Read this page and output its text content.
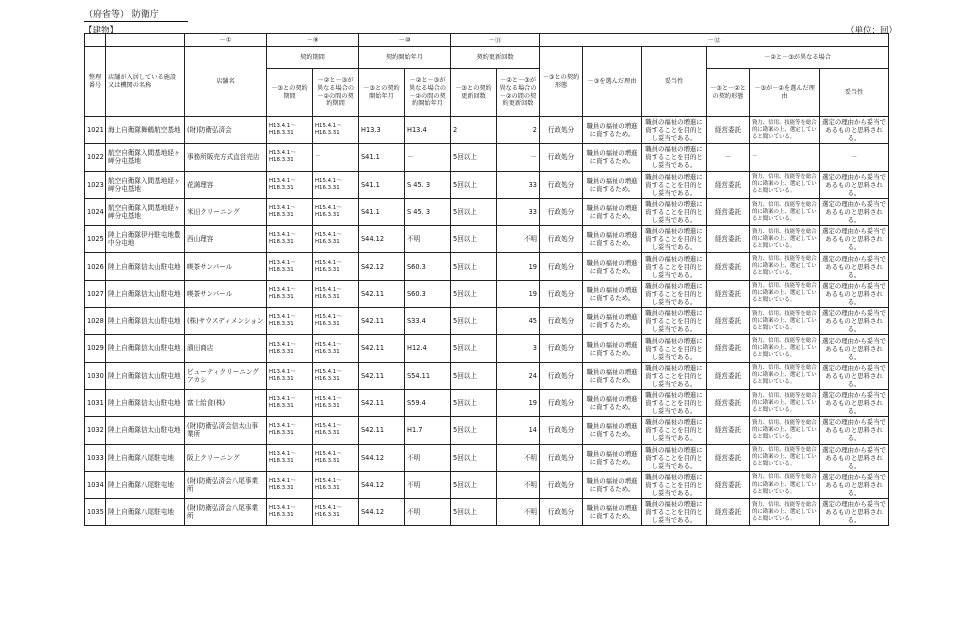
（府省等） 防衛庁
【建物】	（単位：回）
		－①	－⑨		－⑩		－⑪		－⑫					
整理番号	店舗が入居している施設又は機関の名称	店舗名	契約期間		契約開始年月		契約更新回数		－③との契約形態	－③を選んだ理由	妥当性	－②と－③が異なる場合		
			－③との契約期間	－②と－③が異なる場合の－②の間の契約期間	－③との契約開始年月	－②と－③が異なる場合の－②の間の契約開始年月	－③との契約更新回数	－②と－③が異なる場合の－②の間の契約更新回数				－③と－②との契約形態	－③が－②を選んだ理由	妥当性
1021	海上自衛隊舞鶴航空基地	(財)防衛弘済会	H13.4.1～H18.3.31	H15.4.1～H16.3.31	H13.3	H13.4	2	2	行政処分	職員の福祉の増進に資するため。	職員の福祉の増進に資することを目的とし妥当である。	経営委託	資力、信用、技能等を総合的に勘案の上、選定していると聞いている。	選定の理由から妥当であるものと思料される。
1022	航空自衛隊入間基地経ヶ岬分屯基地	事務所販売方式直営売店	H13.4.1～H18.3.31	－	S41.1	－	5回以上	－	行政処分	職員の福祉の増進に資するため。	職員の福祉の増進に資することを目的とし妥当である。	－	－	－
1023	航空自衛隊入間基地経ヶ岬分屯基地	花満理容	H13.4.1～H18.3.31	H15.4.1～H16.3.31	S41.1	S 45. 3	5回以上	33	行政処分	職員の福祉の増進に資するため。	職員の福祉の増進に資することを目的とし妥当である。	経営委託	資力、信用、技能等を総合的に勘案の上、選定していると聞いている。	選定の理由から妥当であるものと思料される。
1024	航空自衛隊入間基地経ヶ岬分屯基地	米田クリーニング	H13.4.1～H18.3.31	H15.4.1～H16.3.31	S41.1	S 45. 3	5回以上	33	行政処分	職員の福祉の増進に資するため。	職員の福祉の増進に資することを目的とし妥当である。	経営委託	資力、信用、技能等を総合的に勘案の上、選定していると聞いている。	選定の理由から妥当であるものと思料される。
1025	陸上自衛隊伊丹駐屯地豊中分屯地	西山理容	H13.4.1～H18.3.31	H15.4.1～H16.3.31	S44.12	不明	5回以上	不明	行政処分	職員の福祉の増進に資するため。	職員の福祉の増進に資することを目的とし妥当である。	経営委託	資力、信用、技能等を総合的に勘案の上、選定していると聞いている。	選定の理由から妥当であるものと思料される。
1026	陸上自衛隊信太山駐屯地	喫茶サンパール	H13.4.1～H18.3.31	H15.4.1～H16.3.31	S42.12	S60.3	5回以上	19	行政処分	職員の福祉の増進に資するため。	職員の福祉の増進に資することを目的とし妥当である。	経営委託	資力、信用、技能等を総合的に勘案の上、選定していると聞いている。	選定の理由から妥当であるものと思料される。
1027	陸上自衛隊信太山駐屯地	喫茶サンパール	H13.4.1～H18.3.31	H15.4.1～H16.3.31	S42.11	S60.3	5回以上	19	行政処分	職員の福祉の増進に資するため。	職員の福祉の増進に資することを目的とし妥当である。	経営委託	資力、信用、技能等を総合的に勘案の上、選定していると聞いている。	選定の理由から妥当であるものと思料される。
1028	陸上自衛隊信太山駐屯地	(株)サウスディメンション	H13.4.1～H18.3.31	H15.4.1～H16.3.31	S42.11	S33.4	5回以上	45	行政処分	職員の福祉の増進に資するため。	職員の福祉の増進に資することを目的とし妥当である。	経営委託	資力、信用、技能等を総合的に勘案の上、選定していると聞いている。	選定の理由から妥当であるものと思料される。
1029	陸上自衛隊信太山駐屯地	濱田商店	H13.4.1～H18.3.31	H15.4.1～H16.3.31	S42.11	H12.4	5回以上	3	行政処分	職員の福祉の増進に資するため。	職員の福祉の増進に資することを目的とし妥当である。	経営委託	資力、信用、技能等を総合的に勘案の上、選定していると聞いている。	選定の理由から妥当であるものと思料される。
1030	陸上自衛隊信太山駐屯地	ビューティクリーニングアカシ	H13.4.1～H18.3.31	H15.4.1～H16.3.31	S42.11	S54.11	5回以上	24	行政処分	職員の福祉の増進に資するため。	職員の福祉の増進に資することを目的とし妥当である。	経営委託	資力、信用、技能等を総合的に勘案の上、選定していると聞いている。	選定の理由から妥当であるものと思料される。
1031	陸上自衛隊信太山駐屯地	富士給食(株)	H13.4.1～H18.3.31	H15.4.1～H16.3.31	S42.11	S59.4	5回以上	19	行政処分	職員の福祉の増進に資するため。	職員の福祉の増進に資することを目的とし妥当である。	経営委託	資力、信用、技能等を総合的に勘案の上、選定していると聞いている。	選定の理由から妥当であるものと思料される。
1032	陸上自衛隊信太山駐屯地	(財)防衛弘済会信太山事業所	H13.4.1～H18.3.31	H15.4.1～H16.3.31	S42.11	H1.7	5回以上	14	行政処分	職員の福祉の増進に資するため。	職員の福祉の増進に資することを目的とし妥当である。	経営委託	資力、信用、技能等を総合的に勘案の上、選定していると聞いている。	選定の理由から妥当であるものと思料される。
1033	陸上自衛隊八尾駐屯地	阪上クリーニング	H13.4.1～H18.3.31	H15.4.1～H16.3.31	S44.12	不明	5回以上	不明	行政処分	職員の福祉の増進に資するため。	職員の福祉の増進に資することを目的とし妥当である。	経営委託	資力、信用、技能等を総合的に勘案の上、選定していると聞いている。	選定の理由から妥当であるものと思料される。
1034	陸上自衛隊八尾駐屯地	(財)防衛弘済会八尾事業所	H13.4.1～H18.3.31	H15.4.1～H16.3.31	S44.12	不明	5回以上	不明	行政処分	職員の福祉の増進に資するため。	職員の福祉の増進に資することを目的とし妥当である。	経営委託	資力、信用、技能等を総合的に勘案の上、選定していると聞いている。	選定の理由から妥当であるものと思料される。
1035	陸上自衛隊八尾駐屯地	(財)防衛弘済会八尾事業所	H13.4.1～H18.3.31	H15.4.1～H16.3.31	S44.12	不明	5回以上	不明	行政処分	職員の福祉の増進に資するため。	職員の福祉の増進に資することを目的とし妥当である。	経営委託	資力、信用、技能等を総合的に勘案の上、選定していると聞いている。	選定の理由から妥当であるものと思料される。
